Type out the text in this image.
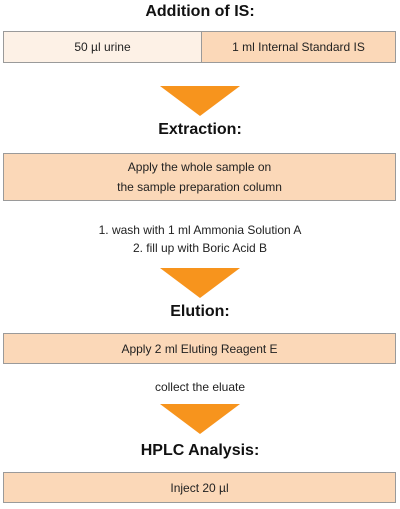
Addition of IS:
50 µl urine	1 ml Internal Standard IS
Extraction:
Apply the whole sample on
the sample preparation column
1. wash with 1 ml Ammonia Solution A
2. fill up with Boric Acid B
Elution:
Apply 2 ml Eluting Reagent E
collect the eluate
HPLC Analysis:
Inject 20 µl
